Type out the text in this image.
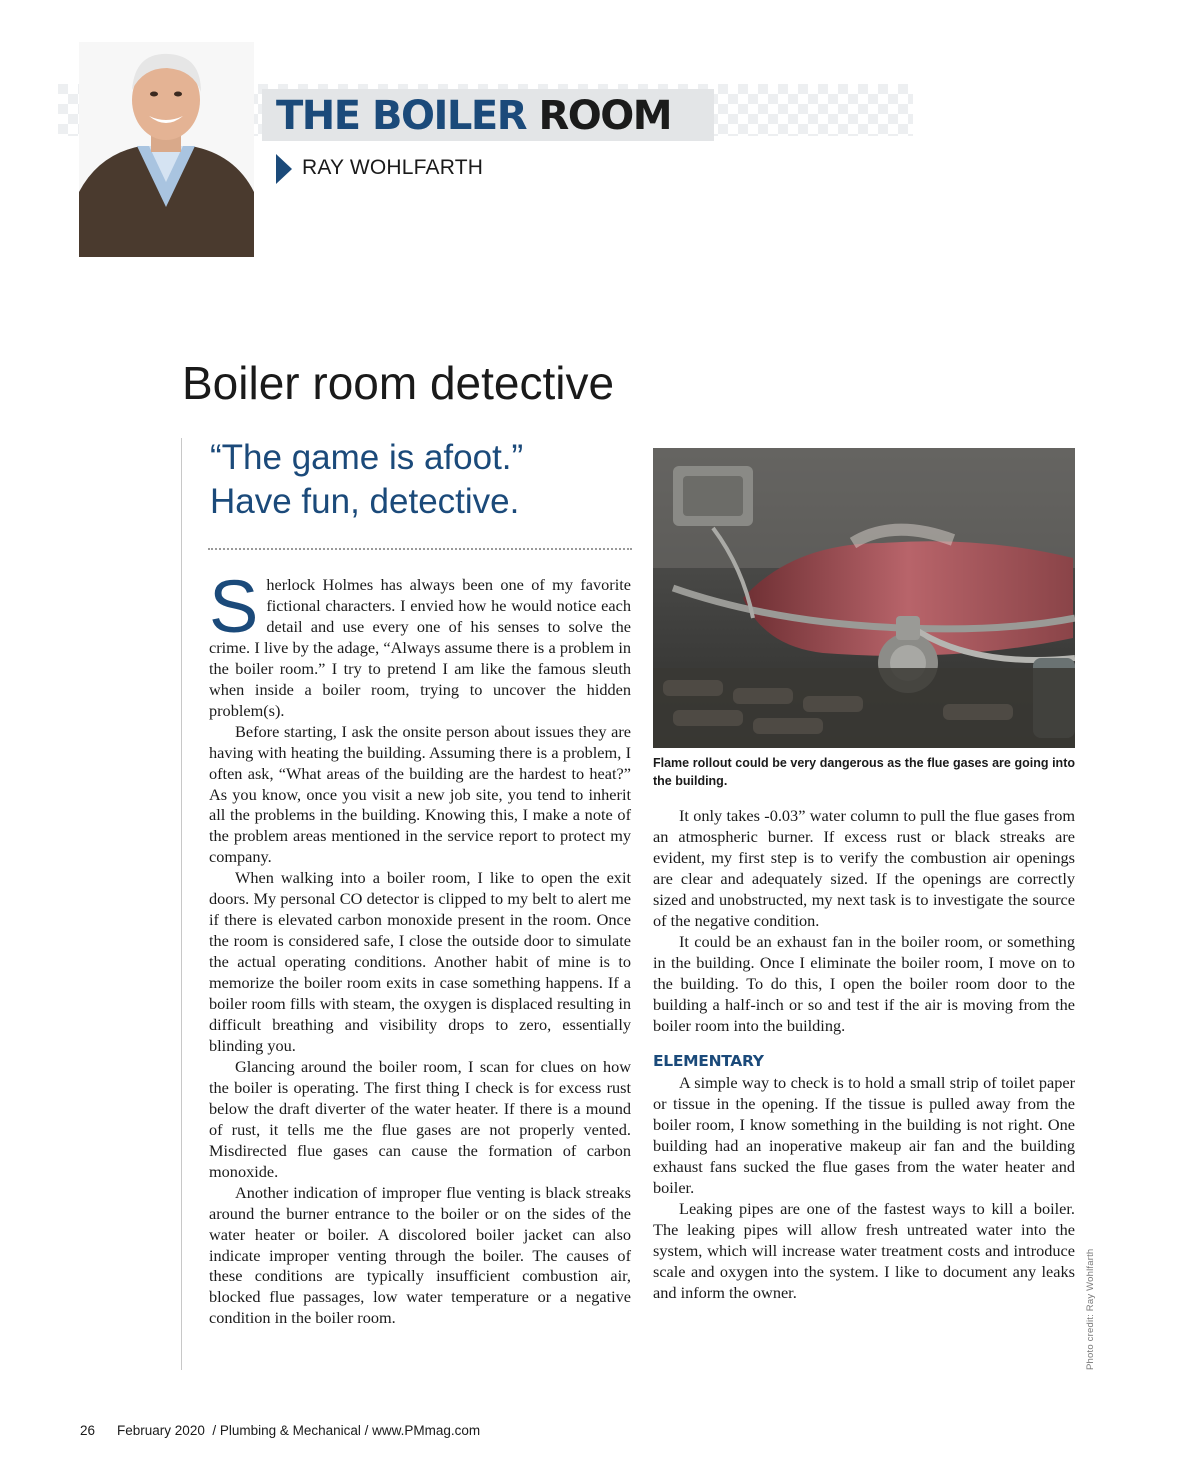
THE BOILER ROOM
RAY WOHLFARTH
Boiler room detective
“The game is afoot.”
Have fun, detective.

Sherlock Holmes has always been one of my favorite fictional characters. I envied how he would notice each detail and use every one of his senses to solve the crime. I live by the adage, “Always assume there is a problem in the boiler room.” I try to pretend I am like the famous sleuth when inside a boiler room, trying to uncover the hidden problem(s).

Before starting, I ask the onsite person about issues they are having with heating the building. Assuming there is a problem, I often ask, “What areas of the building are the hardest to heat?” As you know, once you visit a new job site, you tend to inherit all the problems in the building. Knowing this, I make a note of the problem areas mentioned in the service report to protect my company.

When walking into a boiler room, I like to open the exit doors. My personal CO detector is clipped to my belt to alert me if there is elevated carbon monoxide present in the room. Once the room is considered safe, I close the outside door to simulate the actual operating conditions. Another habit of mine is to memorize the boiler room exits in case something happens. If a boiler room fills with steam, the oxygen is displaced resulting in difficult breathing and visibility drops to zero, essentially blinding you.

Glancing around the boiler room, I scan for clues on how the boiler is operating. The first thing I check is for excess rust below the draft diverter of the water heater. If there is a mound of rust, it tells me the flue gases are not properly vented. Misdirected flue gases can cause the formation of carbon monoxide.

Another indication of improper flue venting is black streaks around the burner entrance to the boiler or on the sides of the water heater or boiler. A discolored boiler jacket can also indicate improper venting through the boiler. The causes of these conditions are typically insufficient combustion air, blocked flue passages, low water temperature or a negative condition in the boiler room.

Flame rollout could be very dangerous as the flue gases are going into the building.

It only takes -0.03” water column to pull the flue gases from an atmospheric burner. If excess rust or black streaks are evident, my first step is to verify the combustion air openings are clear and adequately sized. If the openings are correctly sized and unobstructed, my next task is to investigate the source of the negative condition.

It could be an exhaust fan in the boiler room, or something in the building. Once I eliminate the boiler room, I move on to the building. To do this, I open the boiler room door to the building a half-inch or so and test if the air is moving from the boiler room into the building.

ELEMENTARY

A simple way to check is to hold a small strip of toilet paper or tissue in the opening. If the tissue is pulled away from the boiler room, I know something in the building is not right. One building had an inoperative makeup air fan and the building exhaust fans sucked the flue gases from the water heater and boiler.

Leaking pipes are one of the fastest ways to kill a boiler. The leaking pipes will allow fresh untreated water into the system, which will increase water treatment costs and introduce scale and oxygen into the system. I like to document any leaks and inform the owner.	Photo credit: Ray Wohlfarth
26 February 2020  / Plumbing & Mechanical / www.PMmag.com
